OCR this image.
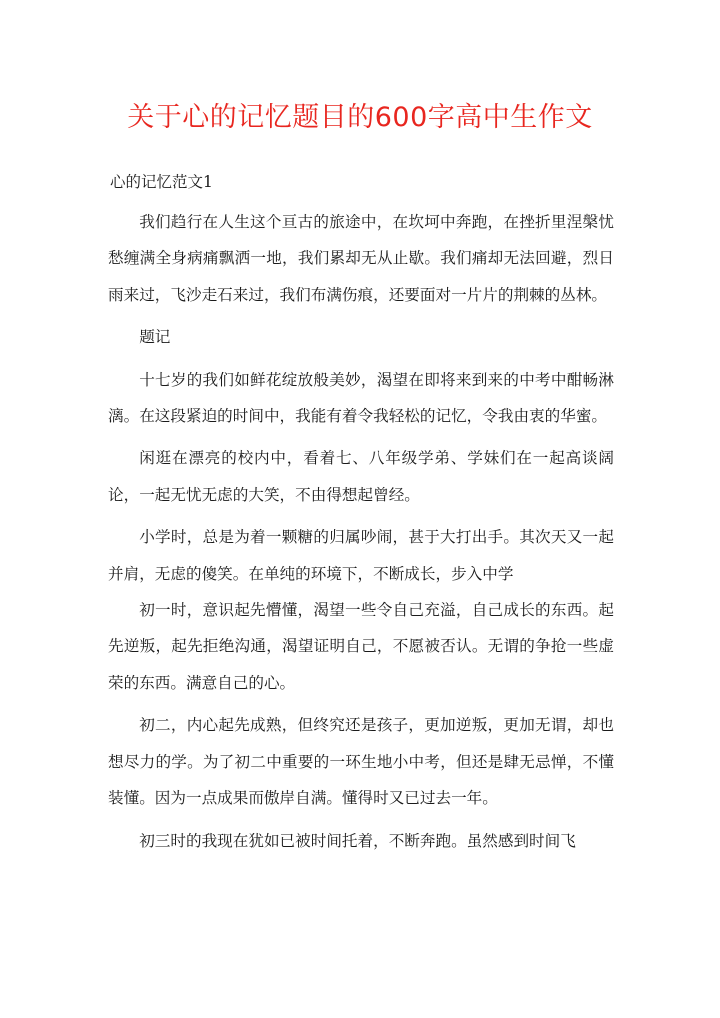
关于心的记忆题目的600字高中生作文
心的记忆范文1

我们趋行在人生这个亘古的旅途中，在坎坷中奔跑，在挫折里涅槃忧愁缠满全身病痛飘洒一地，我们累却无从止歇。我们痛却无法回避，烈日雨来过，飞沙走石来过，我们布满伤痕，还要面对一片片的荆棘的丛林。

题记

十七岁的我们如鲜花绽放般美妙，渴望在即将来到来的中考中酣畅淋漓。在这段紧迫的时间中，我能有着令我轻松的记忆，令我由衷的华蜜。

闲逛在漂亮的校内中，看着七、八年级学弟、学妹们在一起高谈阔论，一起无忧无虑的大笑，不由得想起曾经。

小学时，总是为着一颗糖的归属吵闹，甚于大打出手。其次天又一起并肩，无虑的傻笑。在单纯的环境下，不断成长，步入中学

初一时，意识起先懵懂，渴望一些令自己充溢，自己成长的东西。起先逆叛，起先拒绝沟通，渴望证明自己，不愿被否认。无谓的争抢一些虚荣的东西。满意自己的心。

初二，内心起先成熟，但终究还是孩子，更加逆叛，更加无谓，却也想尽力的学。为了初二中重要的一环生地小中考，但还是肆无忌惮，不懂装懂。因为一点成果而傲岸自满。懂得时又已过去一年。

初三时的我现在犹如已被时间托着，不断奔跑。虽然感到时间飞
